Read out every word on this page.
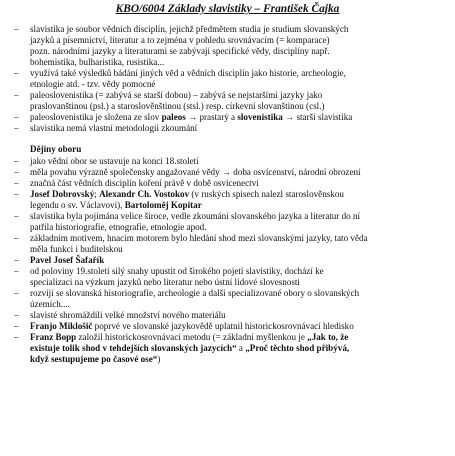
KBO/6004 Základy slavistiky – František Čajka
– slavistika je soubor vědních disciplín, jejichž předmětem studia je studium slovanských
jazyků a písemnictví, literatur a to zejména v pohledu srovnávacím (= komparace)
pozn. národními jazyky a literaturami se zabývají specifické vědy, disciplíny např.
bohemistika, bulharistika, rusistika...
– využívá také výsledků bádání jiných věd a vědních disciplín jako historie, archeologie,
etnologie atd. - tzv. vědy pomocné
– paleoslovenistika (= zabývá se starší dobou) – zabývá se nejstaršími jazyky jako
praslovanštinou (psl.) a staroslověnštinou (stsl.) resp. církevní slovanštinou (csl.)
– paleoslovenistika je složena ze slov paleos → prastarý a slovenistika → starší slavistika
– slavistika nemá vlastní metodologii zkoumání
Dějiny oboru
– jako vědní obor se ustavuje na konci 18.století
– měla povahu výrazně společensky angažované vědy → doba osvícenství, národní obrození
– značná část vědních disciplín koření právě v době osvícenectví
– Josef Dobrovský; Alexandr Ch. Vostokov (v ruských spisech nalezl staroslověnskou
legendu o sv. Václavovi), Bartoloměj Kopitar
– slavistika byla pojímána velice široce, vedle zkoumání slovanského jazyka a literatur do ní
patřila historiografie, etnografie, etnologie apod.
– základním motivem, hnacím motorem bylo hledání shod mezi slovanskými jazyky, tato věda
měla funkci i buditelskou
– Pavel Josef Šafařík
– od poloviny 19.století silý snahy upustit od širokého pojetí slavistiky, dochází ke
specializaci na výzkum jazyků nebo literatur nebo ústní lidové slovesnosti
– rozvíjí se slovanská historiografie, archeologie a další specializované obory o slovanských
územích....
– slavisté shromáždili velké množství nového materiálu
– Franjo Miklošič poprvé ve slovanské jazykovědě uplatnil historickosrovnávací hledisko
– Franz Bopp založil historickosrovnávací metodu (= základní myšlenkou je „Jak to, že
existuje tolik shod v tehdejších slovanských jazycích“ a „Proč těchto shod přibývá,
když sestupujeme po časové ose“)
